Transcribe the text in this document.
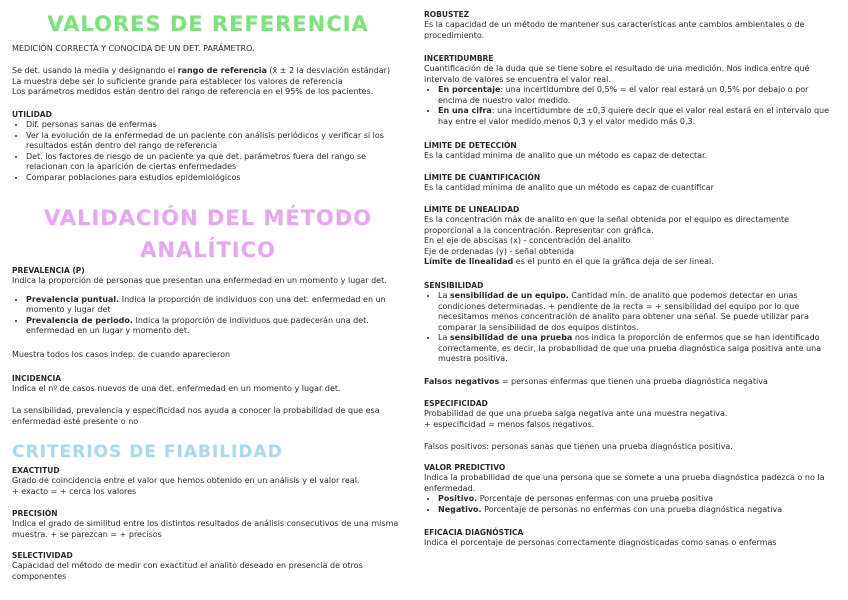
VALORES DE REFERENCIA

MEDICIÓN CORRECTA Y CONOCIDA DE UN DET. PARÁMETRO.

Se det. usando la media y designando el rango de referencia (x̄ ± 2 la desviación estándar)

La muestra debe ser lo suficiente grande para establecer los valores de referencia

Los parámetros medidos están dentro del rango de referencia en el 95% de los pacientes.

UTILIDAD

• Dif. personas sanas de enfermas
• Ver la evolución de la enfermedad de un paciente con análisis periódicos y verificar si los resultados están dentro del rango de referencia
• Det. los factores de riesgo de un paciente ya que det. parámetros fuera del rango se relacionan con la aparición de ciertas enfermedades
• Comparar poblaciones para estudios epidemiológicos
VALIDACIÓN DEL MÉTODO
ANALÍTICO

PREVALENCIA (P)

Indica la proporción de personas que presentan una enfermedad en un momento y lugar det.

• Prevalencia puntual. Indica la proporción de individuos con una det. enfermedad en un momento y lugar det
• Prevalencia de periodo. Indica la proporción de individuos que padecerán una det. enfermedad en un lugar y momento det.

Muestra todos los casos indep. de cuando aparecieron

INCIDENCIA

Indica el nº de casos nuevos de una det. enfermedad en un momento y lugar det.

La sensibilidad, prevalencia y especificidad nos ayuda a conocer la probabilidad de que esa enfermedad esté presente o no

CRITERIOS DE FIABILIDAD

EXACTITUD

Grado de coincidencia entre el valor que hemos obtenido en un análisis y el valor real.

+ exacto = + cerca los valores

PRECISIÓN

Indica el grado de similitud entre los distintos resultados de análisis consecutivos de una misma muestra. + se parezcan = + precisos

SELECTIVIDAD

Capacidad del método de medir con exactitud el analito deseado en presencia de otros componentes

ROBUSTEZ

Es la capacidad de un método de mantener sus características ante cambios ambientales o de procedimiento.

INCERTIDUMBRE

Cuantificación de la duda que se tiene sobre el resultado de una medición. Nos indica entre qué intervalo de valores se encuentra el valor real.

• En porcentaje: una incertidumbre del 0,5% = el valor real estará un 0,5% por debajo o por encima de nuestro valor medido.
• En una cifra: una incertidumbre de ±0,3 quiere decir que el valor real estará en el intervalo que hay entre el valor medido menos 0,3 y el valor medido más 0,3.

LÍMITE DE DETECCIÓN

Es la cantidad mínima de analito que un método es capaz de detectar.

LÍMITE DE CUANTIFICACIÓN

Es la cantidad mínima de analito que un método es capaz de cuantificar

LÍMITE DE LINEALIDAD

Es la concentración máx de analito en que la señal obtenida por el equipo es directamente proporcional a la concentración. Representar con gráfica.

En el eje de abscisas (x) - concentración del analito

Eje de ordenadas (y) - señal obtenida

Límite de linealidad es el punto en el que la gráfica deja de ser lineal.

SENSIBILIDAD

• La sensibilidad de un equipo. Cantidad mín. de analito que podemos detectar en unas condiciones determinadas. + pendiente de la recta = + sensibilidad del equipo por lo que necesitamos menos concentración de analito para obtener una señal. Se puede utilizar para comparar la sensibilidad de dos equipos distintos.
• La sensibilidad de una prueba nos indica la proporción de enfermos que se han identificado correctamente, es decir, la probabilidad de que una prueba diagnóstica salga positiva ante una muestra positiva.

Falsos negativos = personas enfermas que tienen una prueba diagnóstica negativa

ESPECIFICIDAD

Probabilidad de que una prueba salga negativa ante una muestra negativa.

+ especificidad = menos falsos negativos.

Falsos positivos: personas sanas que tienen una prueba diagnóstica positiva.

VALOR PREDICTIVO

Indica la probabilidad de que una persona que se somete a una prueba diagnóstica padezca o no la enfermedad.

• Positivo. Porcentaje de personas enfermas con una prueba positiva
• Negativo. Porcentaje de personas no enfermas con una prueba diagnóstica negativa

EFICACIA DIAGNÓSTICA

Indica el porcentaje de personas correctamente diagnosticadas como sanas o enfermas
